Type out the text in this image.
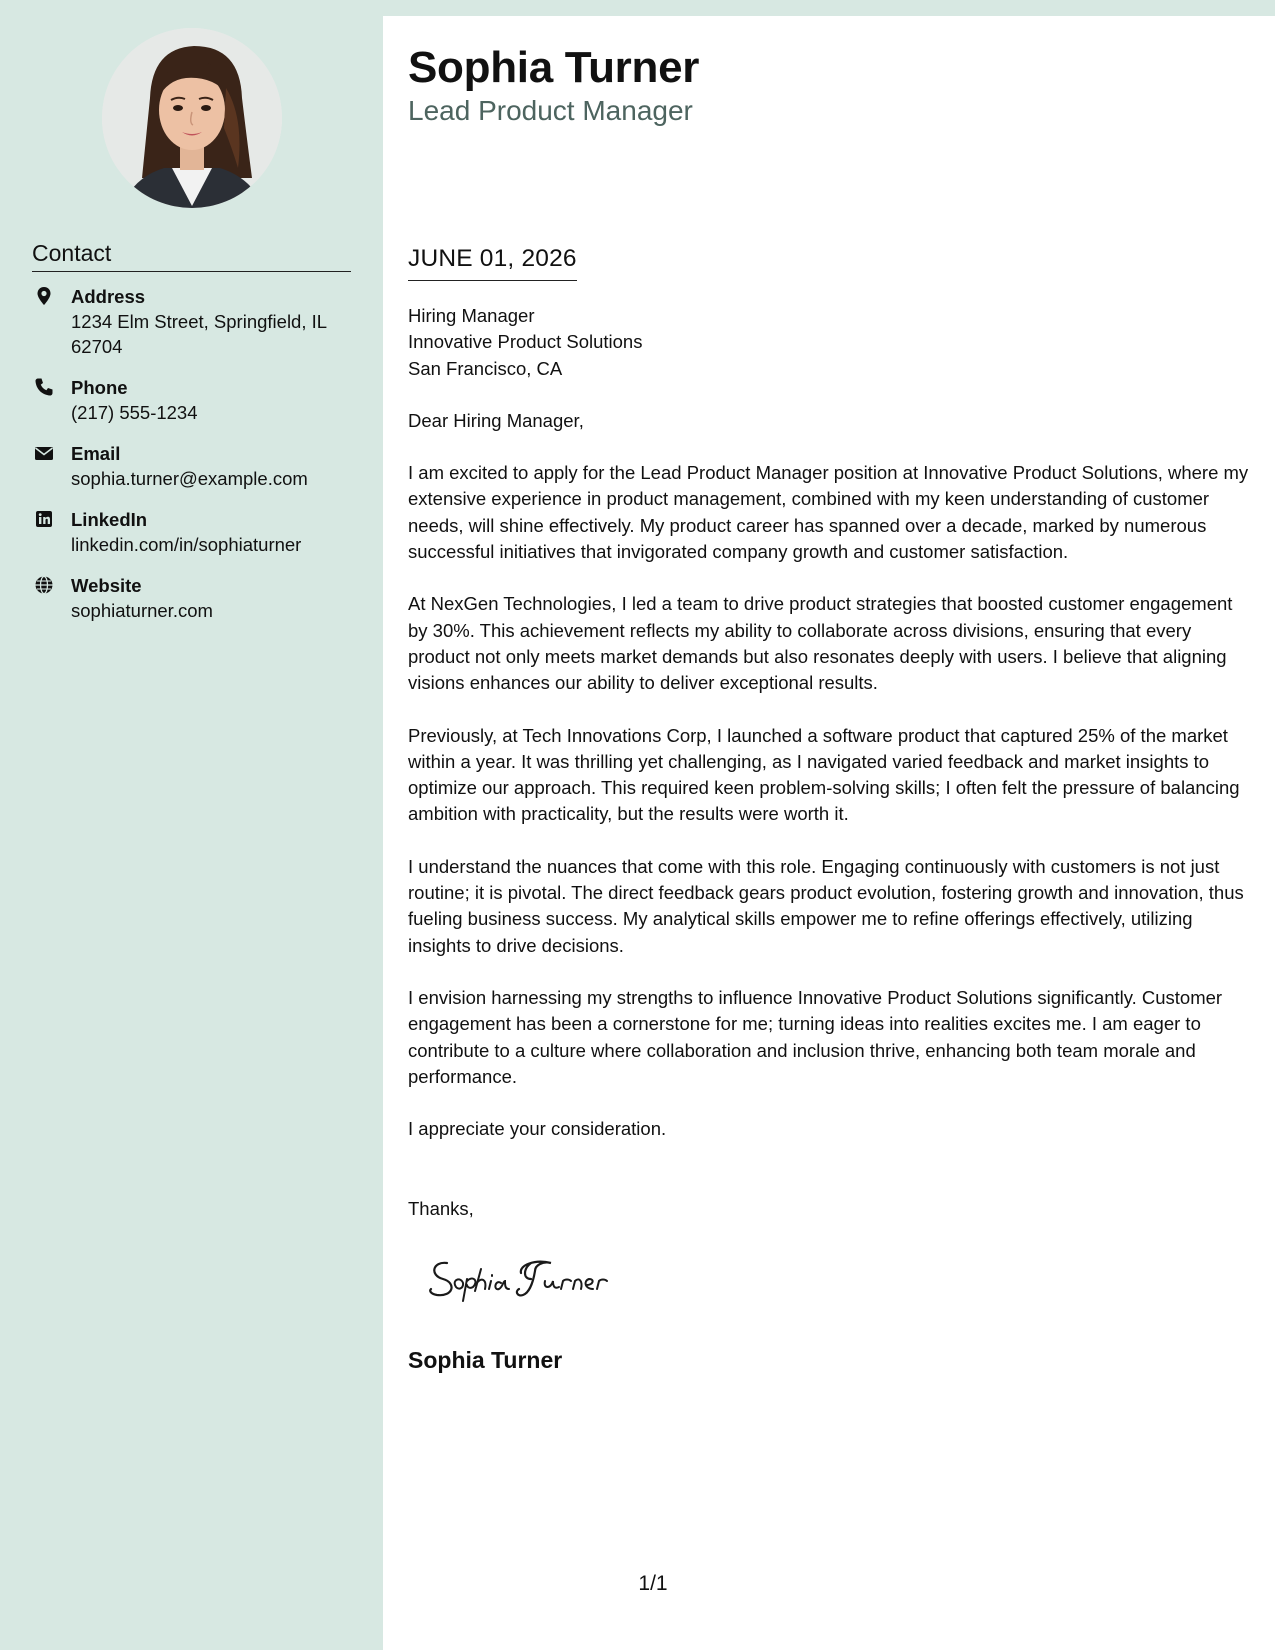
Contact
Address
1234 Elm Street, Springfield, IL 62704
Phone
(217) 555-1234
Email
sophia.turner@example.com
LinkedIn
linkedin.com/in/sophiaturner
Website
sophiaturner.com
Sophia Turner
Lead Product Manager
JUNE 01, 2026

Hiring Manager
Innovative Product Solutions
San Francisco, CA

Dear Hiring Manager,

I am excited to apply for the Lead Product Manager position at Innovative Product Solutions, where my extensive experience in product management, combined with my keen understanding of customer needs, will shine effectively. My product career has spanned over a decade, marked by numerous successful initiatives that invigorated company growth and customer satisfaction.

At NexGen Technologies, I led a team to drive product strategies that boosted customer engagement by 30%. This achievement reflects my ability to collaborate across divisions, ensuring that every product not only meets market demands but also resonates deeply with users. I believe that aligning visions enhances our ability to deliver exceptional results.

Previously, at Tech Innovations Corp, I launched a software product that captured 25% of the market within a year. It was thrilling yet challenging, as I navigated varied feedback and market insights to optimize our approach. This required keen problem-solving skills; I often felt the pressure of balancing ambition with practicality, but the results were worth it.

I understand the nuances that come with this role. Engaging continuously with customers is not just routine; it is pivotal. The direct feedback gears product evolution, fostering growth and innovation, thus fueling business success. My analytical skills empower me to refine offerings effectively, utilizing insights to drive decisions.

I envision harnessing my strengths to influence Innovative Product Solutions significantly. Customer engagement has been a cornerstone for me; turning ideas into realities excites me. I am eager to contribute to a culture where collaboration and inclusion thrive, enhancing both team morale and performance.

I appreciate your consideration.

Thanks,

Sophia Turner
1/1
